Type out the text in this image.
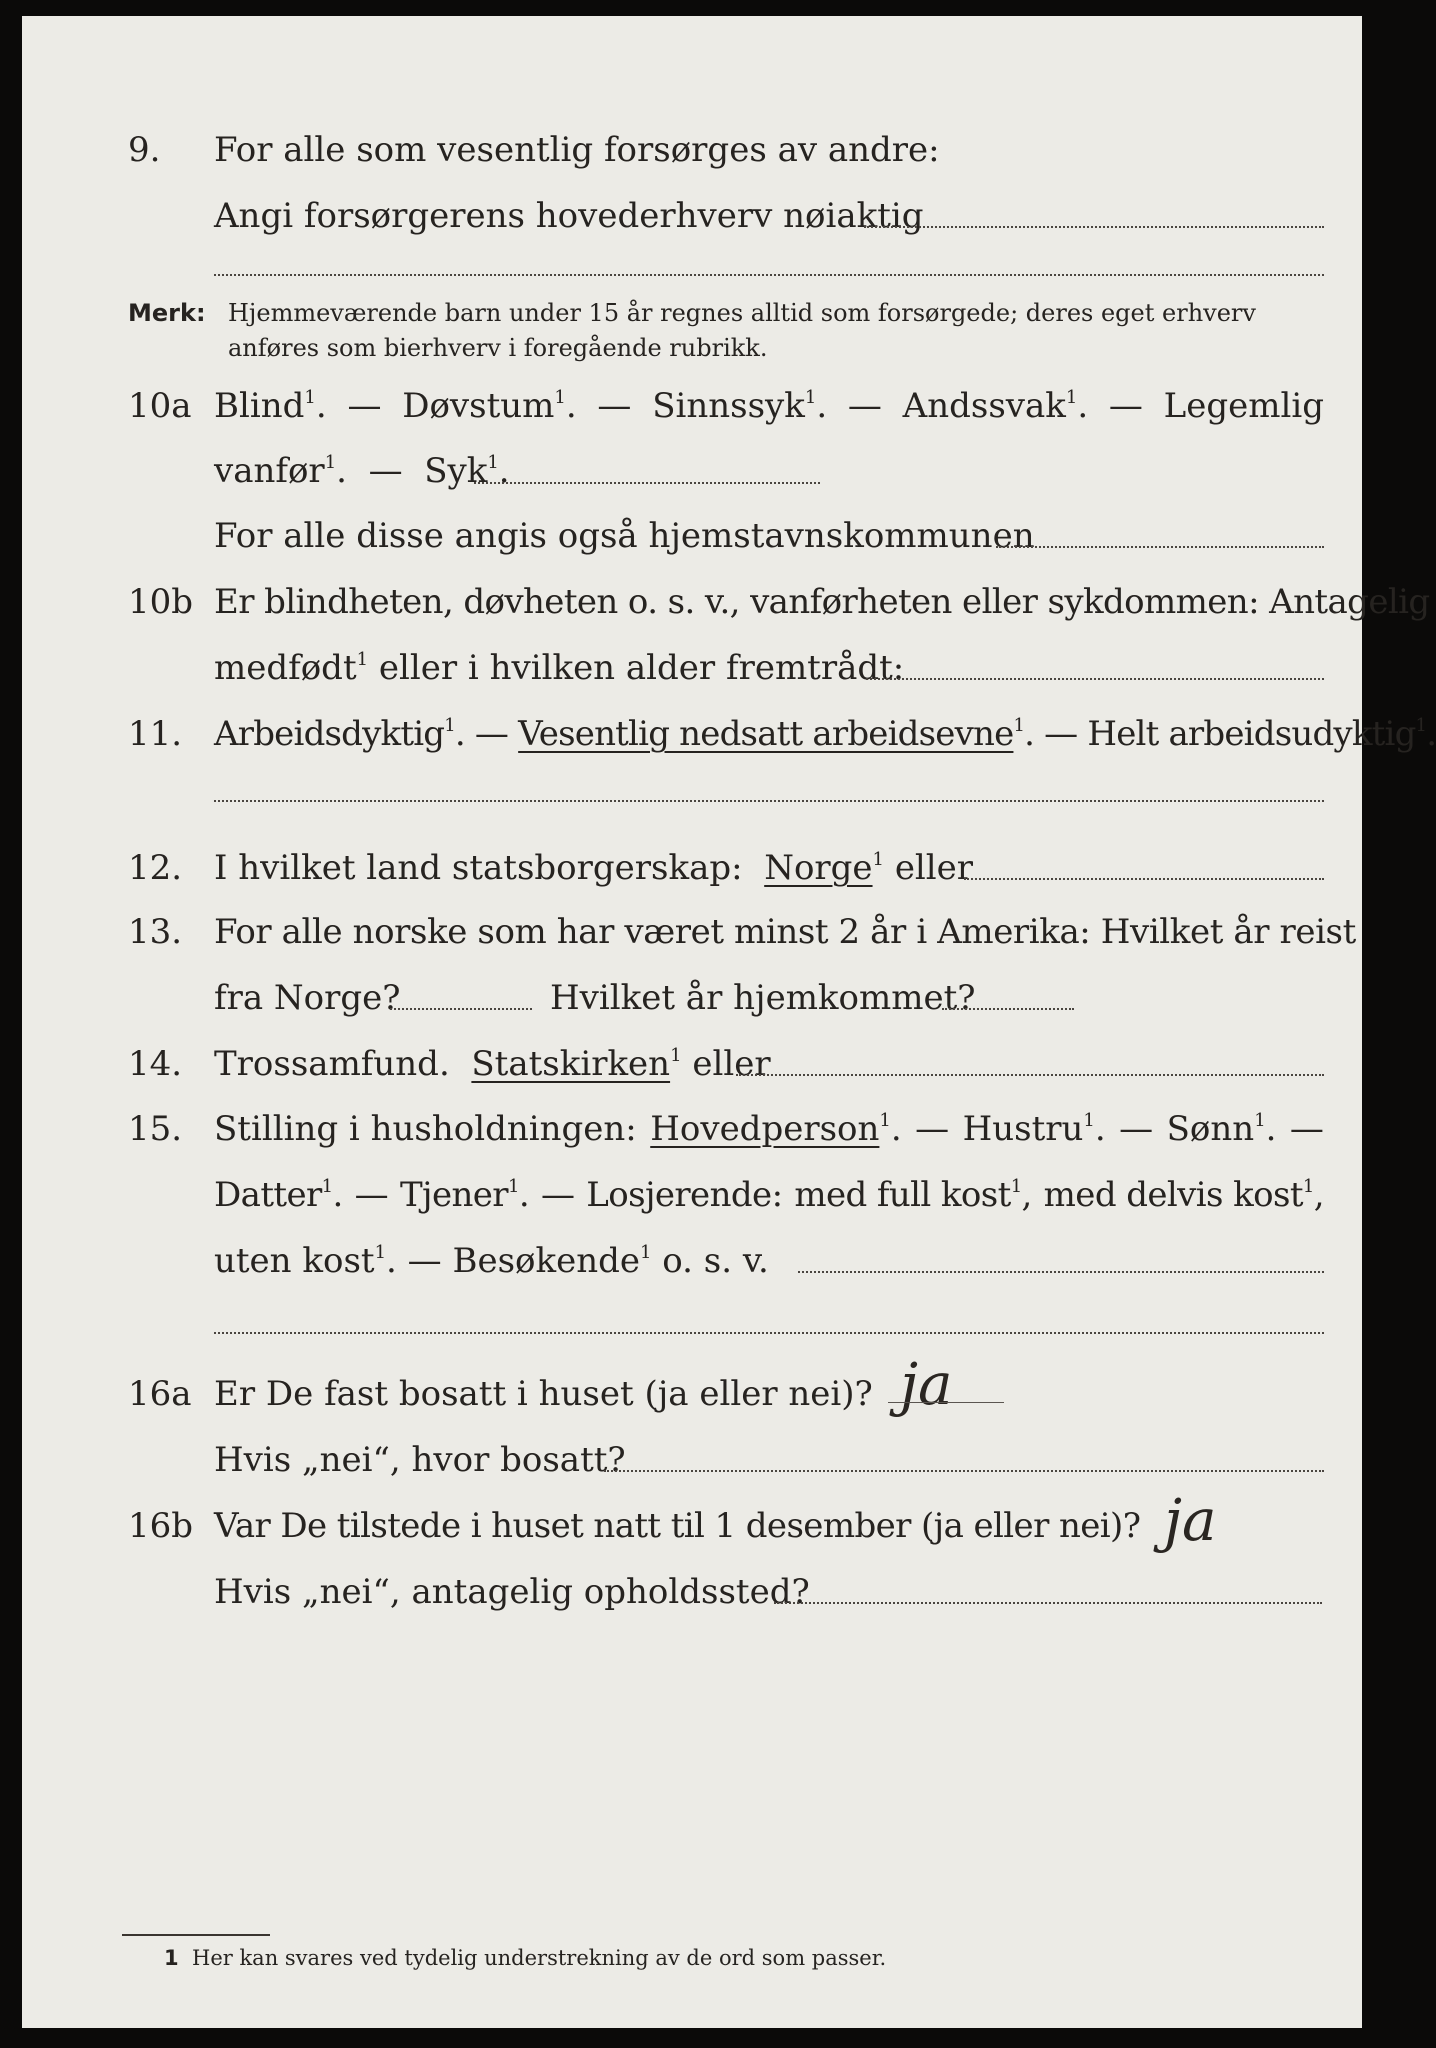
9. For alle som vesentlig forsørges av andre:
Angi forsørgerens hovederhverv nøiaktig
Merk: Hjemmeværende barn under 15 år regnes alltid som forsørgede; deres eget erhverv
anføres som bierhverv i foregående rubrikk.
10a Blind$^1$. — Døvstum$^1$. — Sinnssyk$^1$. — Andssvak$^1$. — Legemlig
vanfør$^1$. — Syk$^1$.
For alle disse angis også hjemstavnskommunen
10b Er blindheten, døvheten o. s. v., vanførheten eller sykdommen: Antagelig
medfødt$^1$ eller i hvilken alder fremtrådt:
11. Arbeidsdyktig$^1$. — Vesentlig nedsatt arbeidsevne$^1$. — Helt arbeidsudyktig$^1$.
12. I hvilket land statsborgerskap: Norge$^1$ eller
13. For alle norske som har været minst 2 år i Amerika: Hvilket år reist
fra Norge?	Hvilket år hjemkommet?
14. Trossamfund. Statskirken$^1$ eller
15. Stilling i husholdningen: Hovedperson$^1$. — Hustru$^1$. — Sønn$^1$. —
Datter$^1$. — Tjener$^1$. — Losjerende: med full kost$^1$, med delvis kost$^1$,
uten kost$^1$. — Besøkende$^1$ o. s. v.
16a Er De fast bosatt i huset (ja eller nei)? ja
Hvis „nei“, hvor bosatt?
16b Var De tilstede i huset natt til 1 desember (ja eller nei)? ja
Hvis „nei“, antagelig opholdssted?
1 Her kan svares ved tydelig understrekning av de ord som passer.
